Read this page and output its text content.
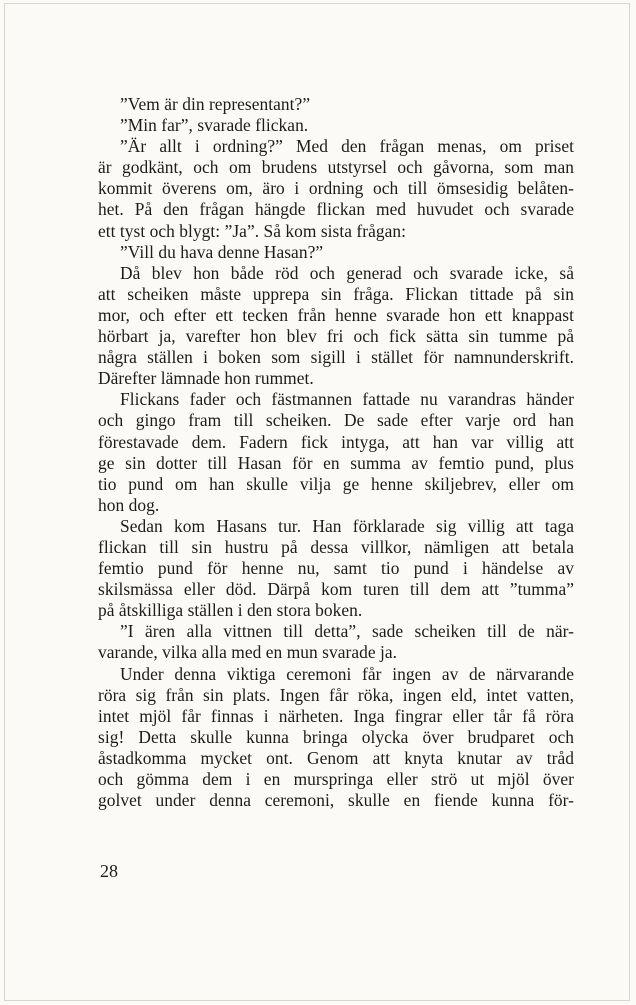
”Vem är din representant?”
”Min far”, svarade flickan.
”Är allt i ordning?” Med den frågan menas, om priset
är godkänt, och om brudens utstyrsel och gåvorna, som man
kommit överens om, äro i ordning och till ömsesidig belåten-
het. På den frågan hängde flickan med huvudet och svarade
ett tyst och blygt: ”Ja”. Så kom sista frågan:
”Vill du hava denne Hasan?”
Då blev hon både röd och generad och svarade icke, så
att scheiken måste upprepa sin fråga. Flickan tittade på sin
mor, och efter ett tecken från henne svarade hon ett knappast
hörbart ja, varefter hon blev fri och fick sätta sin tumme på
några ställen i boken som sigill i stället för namnunderskrift.
Därefter lämnade hon rummet.
Flickans fader och fästmannen fattade nu varandras händer
och gingo fram till scheiken. De sade efter varje ord han
förestavade dem. Fadern fick intyga, att han var villig att
ge sin dotter till Hasan för en summa av femtio pund, plus
tio pund om han skulle vilja ge henne skiljebrev, eller om
hon dog.
Sedan kom Hasans tur. Han förklarade sig villig att taga
flickan till sin hustru på dessa villkor, nämligen att betala
femtio pund för henne nu, samt tio pund i händelse av
skilsmässa eller död. Därpå kom turen till dem att ”tumma”
på åtskilliga ställen i den stora boken.
”I ären alla vittnen till detta”, sade scheiken till de när-
varande, vilka alla med en mun svarade ja.
Under denna viktiga ceremoni får ingen av de närvarande
röra sig från sin plats. Ingen får röka, ingen eld, intet vatten,
intet mjöl får finnas i närheten. Inga fingrar eller tår få röra
sig! Detta skulle kunna bringa olycka över brudparet och
åstadkomma mycket ont. Genom att knyta knutar av tråd
och gömma dem i en murspringa eller strö ut mjöl över
golvet under denna ceremoni, skulle en fiende kunna för-
28
